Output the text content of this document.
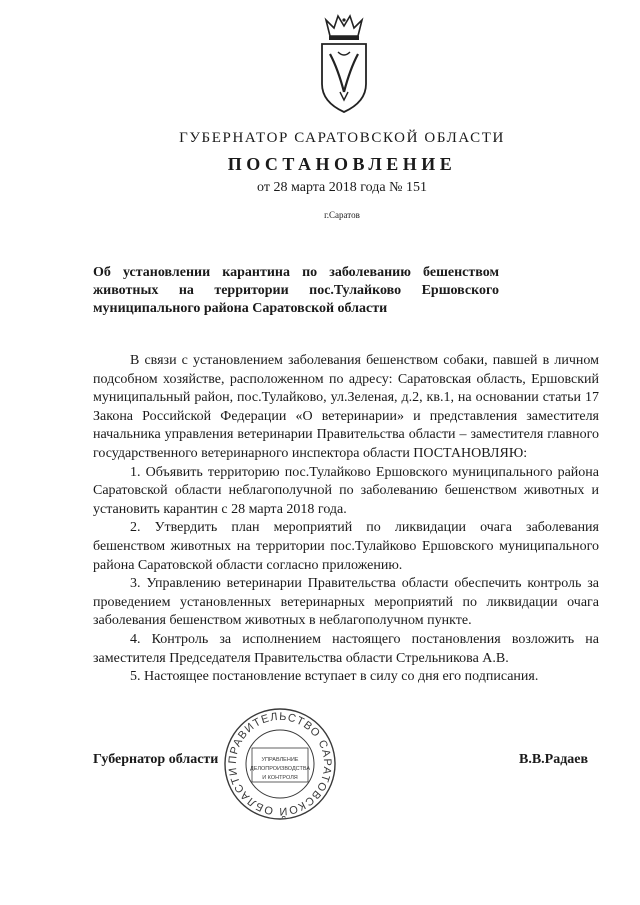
ГУБЕРНАТОР САРАТОВСКОЙ ОБЛАСТИ
ПОСТАНОВЛЕНИЕ
от 28 марта 2018 года № 151
г.Саратов
Об установлении карантина по заболеванию бешенством животных на территории пос.Тулайково Ершовского муниципального района Саратовской области

В связи с установлением заболевания бешенством собаки, павшей в личном подсобном хозяйстве, расположенном по адресу: Саратовская область, Ершовский муниципальный район, пос.Тулайково, ул.Зеленая, д.2, кв.1, на основании статьи 17 Закона Российской Федерации «О ветеринарии» и представления заместителя начальника управления ветеринарии Правительства области – заместителя главного государственного ветеринарного инспектора области ПОСТАНОВЛЯЮ:

1. Объявить территорию пос.Тулайково Ершовского муниципального района Саратовской области неблагополучной по заболеванию бешенством животных и установить карантин с 28 марта 2018 года.

2. Утвердить план мероприятий по ликвидации очага заболевания бешенством животных на территории пос.Тулайково Ершовского муниципального района Саратовской области согласно приложению.

3. Управлению ветеринарии Правительства области обеспечить контроль за проведением установленных ветеринарных мероприятий по ликвидации очага заболевания бешенством животных в неблагополучном пункте.

4. Контроль за исполнением настоящего постановления возложить на заместителя Председателя Правительства области Стрельникова А.В.

5. Настоящее постановление вступает в силу со дня его подписания.

Губернатор области	В.В.Радаев
ПРАВИТЕЛЬСТВО САРАТОВСКОЙ ОБЛАСТИ
УПРАВЛЕНИЕ ДЕЛОПРОИЗВОДСТВА И КОНТРОЛЯ
